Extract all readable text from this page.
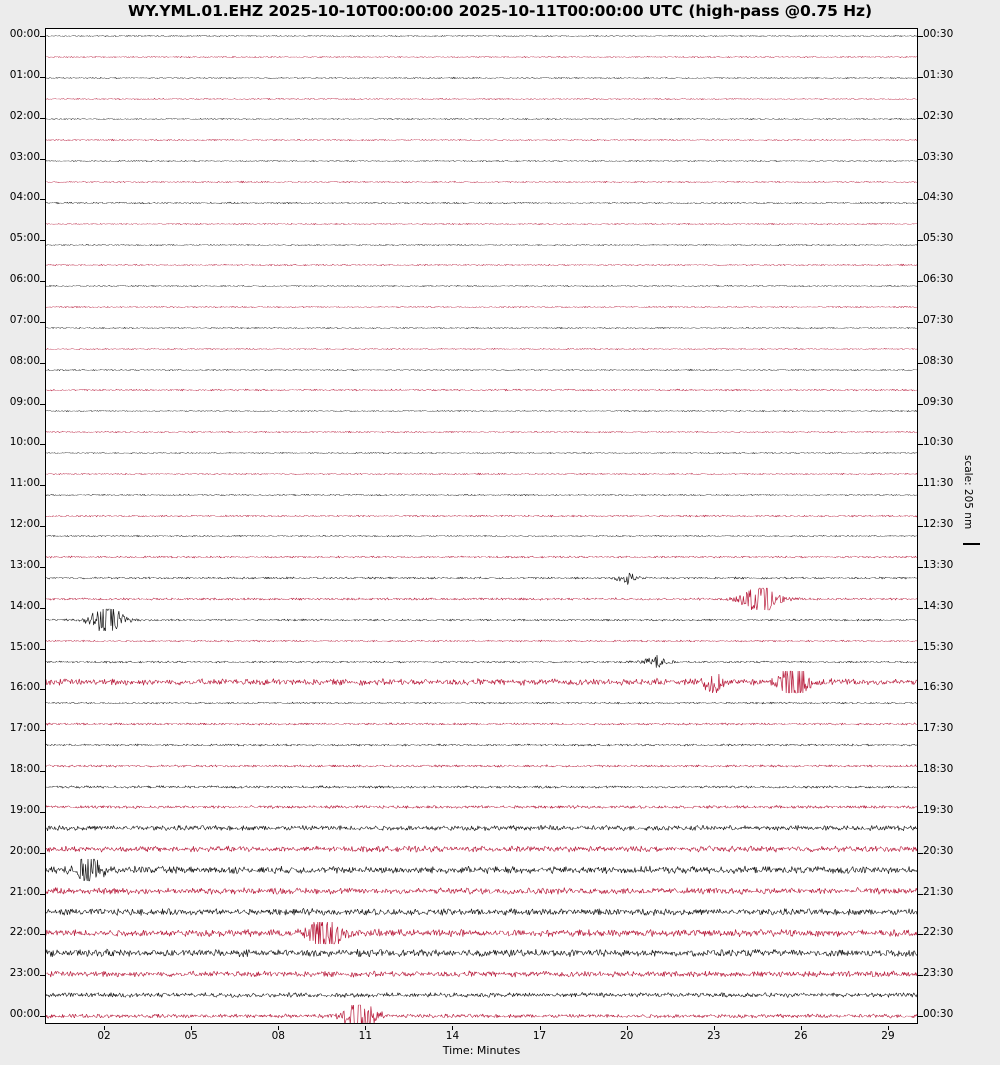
WY.YML.01.EHZ 2025-10-10T00:00:00 2025-10-11T00:00:00 UTC (high-pass @0.75 Hz)
00:00
01:00
02:00
03:00
04:00
05:00
06:00
07:00
08:00
09:00
10:00
11:00
12:00
13:00
14:00
15:00
16:00
17:00
18:00
19:00
20:00
21:00
22:00
23:00
00:00
00:30
01:30
02:30
03:30
04:30
05:30
06:30
07:30
08:30
09:30
10:30
11:30
12:30
13:30
14:30
15:30
16:30
17:30
18:30
19:30
20:30
21:30
22:30
23:30
00:30
02	05	08	11	14	17	20	23	26	29
Time: Minutes
scale: 205 nm
